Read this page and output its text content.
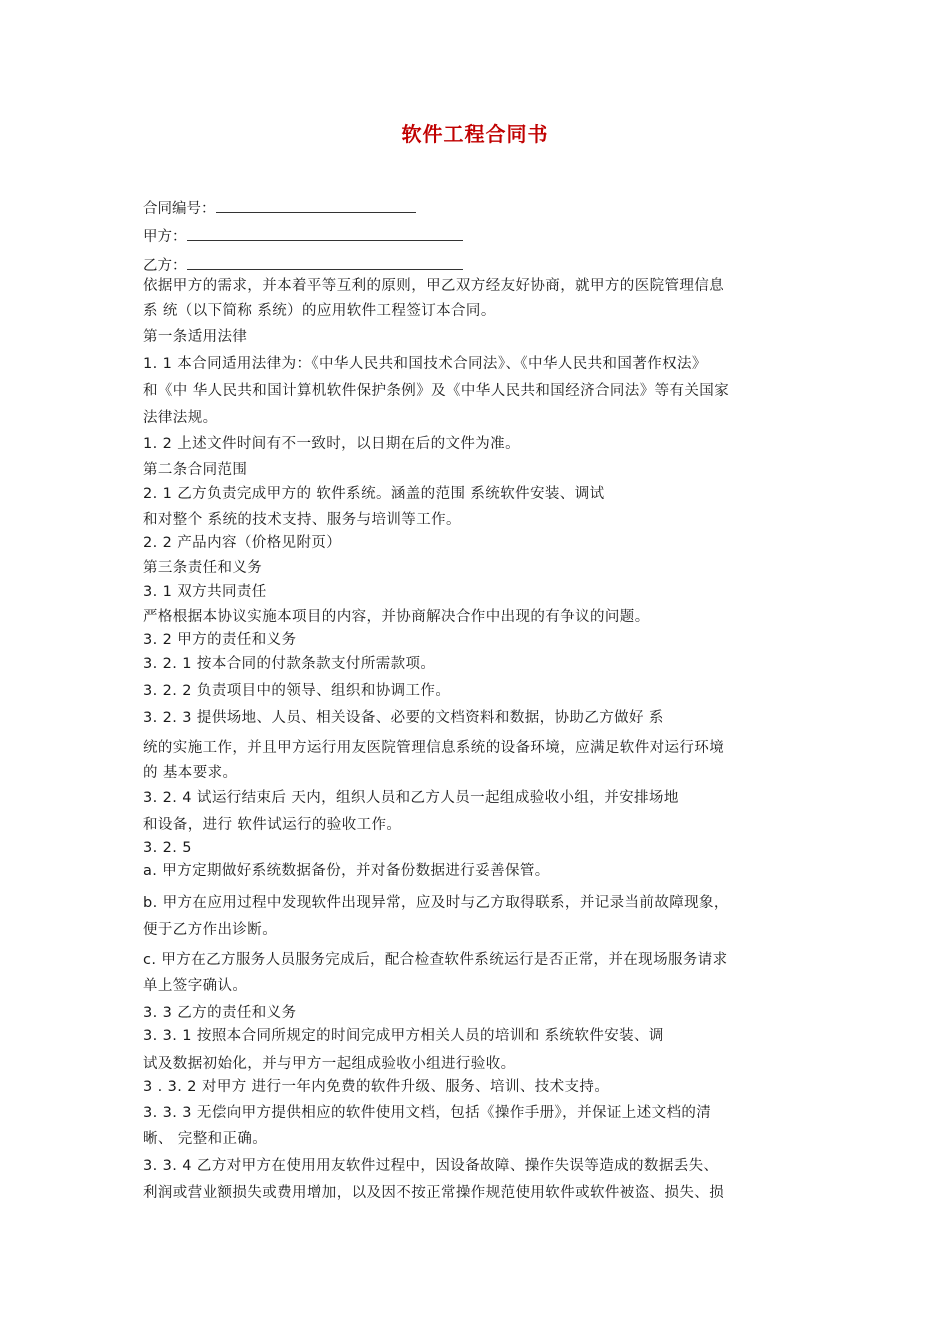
软件工程合同书
合同编号：
甲方：
乙方：
依据甲方的需求，并本着平等互利的原则，甲乙双方经友好协商，就甲方的医院管理信息
系 统（以下简称 系统）的应用软件工程签订本合同。
第一条适用法律
1. 1 本合同适用法律为：《中华人民共和国技术合同法》、《中华人民共和国著作权法》
和《中 华人民共和国计算机软件保护条例》及《中华人民共和国经济合同法》等有关国家
法律法规。
1. 2 上述文件时间有不一致时，以日期在后的文件为准。
第二条合同范围
2. 1 乙方负责完成甲方的 软件系统。涵盖的范围 系统软件安装、调试
和对整个 系统的技术支持、服务与培训等工作。
2. 2 产品内容（价格见附页）
第三条责任和义务
3. 1 双方共同责任
严格根据本协议实施本项目的内容，并协商解决合作中出现的有争议的问题。
3. 2 甲方的责任和义务
3. 2. 1 按本合同的付款条款支付所需款项。
3. 2. 2 负责项目中的领导、组织和协调工作。
3. 2. 3 提供场地、人员、相关设备、必要的文档资料和数据，协助乙方做好 系
统的实施工作，并且甲方运行用友医院管理信息系统的设备环境，应满足软件对运行环境
的 基本要求。
3. 2. 4 试运行结束后 天内，组织人员和乙方人员一起组成验收小组，并安排场地
和设备，进行 软件试运行的验收工作。
3. 2. 5
a. 甲方定期做好系统数据备份，并对备份数据进行妥善保管。
b. 甲方在应用过程中发现软件出现异常，应及时与乙方取得联系，并记录当前故障现象，
便于乙方作出诊断。
c. 甲方在乙方服务人员服务完成后，配合检查软件系统运行是否正常，并在现场服务请求
单上签字确认。
3. 3 乙方的责任和义务
3. 3. 1 按照本合同所规定的时间完成甲方相关人员的培训和 系统软件安装、调
试及数据初始化，并与甲方一起组成验收小组进行验收。
3 . 3. 2 对甲方 进行一年内免费的软件升级、服务、培训、技术支持。
3. 3. 3 无偿向甲方提供相应的软件使用文档，包括《操作手册》，并保证上述文档的清
晰、 完整和正确。
3. 3. 4 乙方对甲方在使用用友软件过程中，因设备故障、操作失误等造成的数据丢失、
利润或营业额损失或费用增加，以及因不按正常操作规范使用软件或软件被盗、损失、损
